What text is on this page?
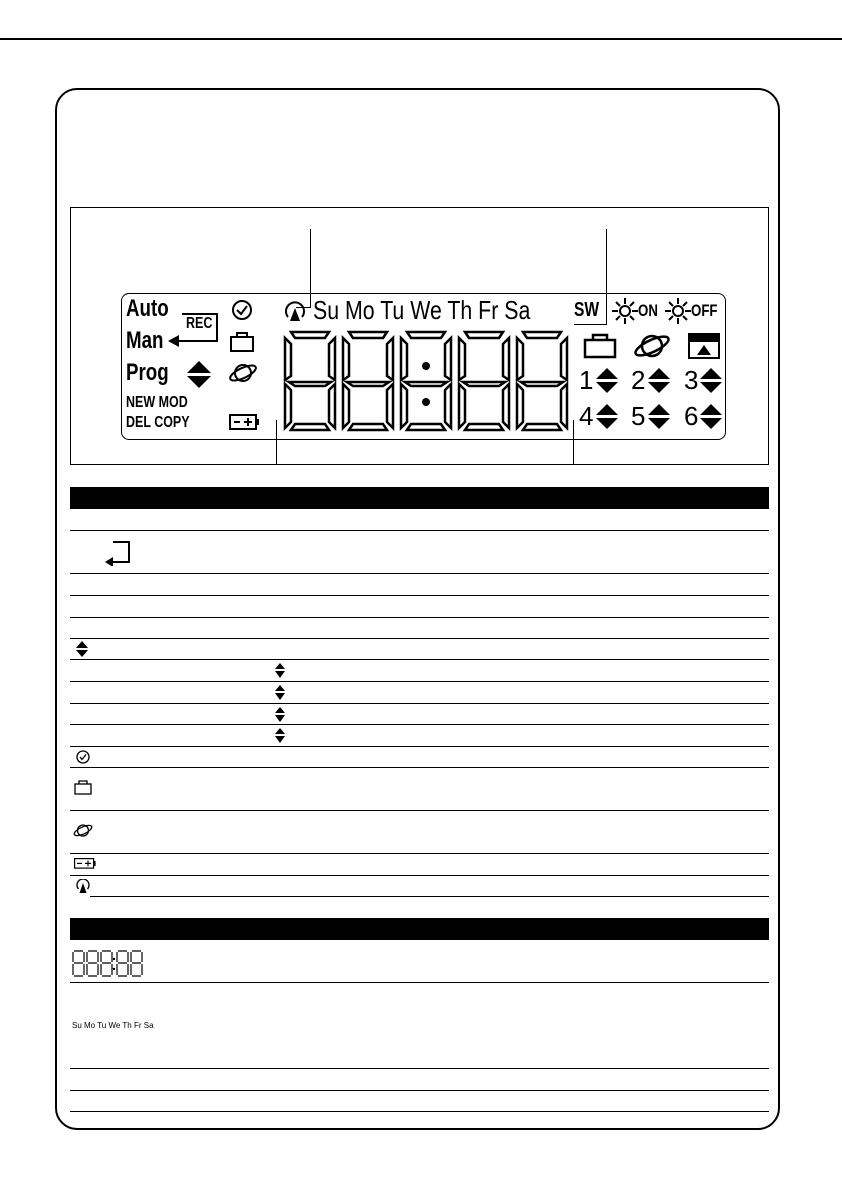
Auto
REC
Man
Prog
NEW MOD
DEL COPY
Su Mo Tu We Th Fr Sa	SW	ON	OFF
1 2 3
4 5 6
Su Mo Tu We Th Fr Sa
